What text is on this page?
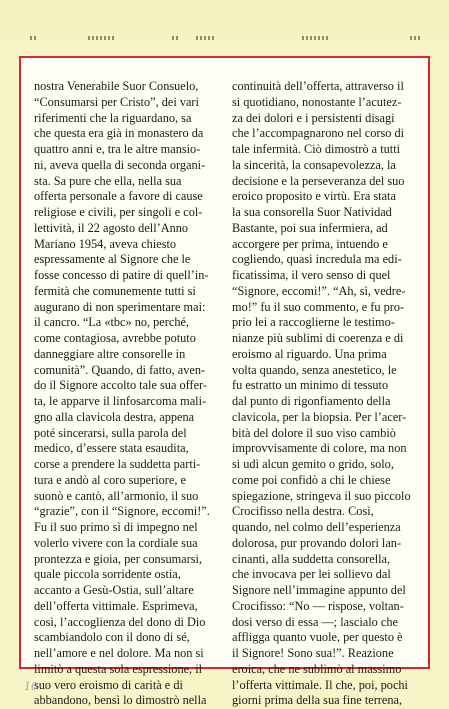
nostra Venerabile Suor Consuelo,
“Consumarsi per Cristo”, dei vari
riferimenti che la riguardano, sa
che questa era già in monastero da
quattro anni e, tra le altre mansio-
ni, aveva quella di seconda organi-
sta. Sa pure che ella, nella sua
offerta personale a favore di cause
religiose e civili, per singoli e col-
lettività, il 22 agosto dell’Anno
Mariano 1954, aveva chiesto
espressamente al Signore che le
fosse concesso di patire di quell’in-
fermità che comunemente tutti si
augurano di non sperimentare mai:
il cancro. “La «tbc» no, perché,
come contagiosa, avrebbe potuto
danneggiare altre consorelle in
comunità”. Quando, di fatto, aven-
do il Signore accolto tale sua offer-
ta, le apparve il linfosarcoma mali-
gno alla clavicola destra, appena
poté sincerarsi, sulla parola del
medico, d’essere stata esaudita,
corse a prendere la suddetta parti-
tura e andò al coro superiore, e
suonò e cantò, all’armonio, il suo
“grazie”, con il “Signore, eccomi!”.
Fu il suo primo sì di impegno nel
volerlo vivere con la cordiale sua
prontezza e gioia, per consumarsi,
quale piccola sorridente ostia,
accanto a Gesù-Ostia, sull’altare
dell’offerta vittimale. Esprimeva,
così, l’accoglienza del dono di Dio
scambiandolo con il dono di sé,
nell’amore e nel dolore. Ma non si
limitò a questa sola espressione, il
suo vero eroismo di carità e di
abbandono, bensì lo dimostrò nella
continuità dell’offerta, attraverso il
si quotidiano, nonostante l’acutez-
za dei dolori e i persistenti disagi
che l’accompagnarono nel corso di
tale infermità. Ciò dimostrò a tutti
la sincerità, la consapevolezza, la
decisione e la perseveranza del suo
eroico proposito e virtù. Era stata
la sua consorella Suor Natividad
Bastante, poi sua infermiera, ad
accorgere per prima, intuendo e
cogliendo, quasi incredula ma edi-
ficatissima, il vero senso di quel
“Signore, eccomi!”. “Ah, sì, vedre-
mo!” fu il suo commento, e fu pro-
prio lei a raccoglierne le testimo-
nianze più sublimi di coerenza e di
eroismo al riguardo. Una prima
volta quando, senza anestetico, le
fu estratto un minimo di tessuto
dal punto di rigonfiamento della
clavicola, per la biopsia. Per l’acer-
bità del dolore il suo viso cambiò
improvvisamente di colore, ma non
si udì alcun gemito o grido, solo,
come poi confidò a chi le chiese
spiegazione, stringeva il suo piccolo
Crocifisso nella destra. Così,
quando, nel colmo dell’esperienza
dolorosa, pur provando dolori lan-
cinanti, alla suddetta consorella,
che invocava per lei sollievo dal
Signore nell’immagine appunto del
Crocifisso: “No — rispose, voltan-
dosi verso di essa —; lascialo che
affligga quanto vuole, per questo è
il Signore! Sono sua!”. Reazione
eroica, che ne sublimò al massimo
l’offerta vittimale. Il che, poi, pochi
giorni prima della sua fine terrena,
10
